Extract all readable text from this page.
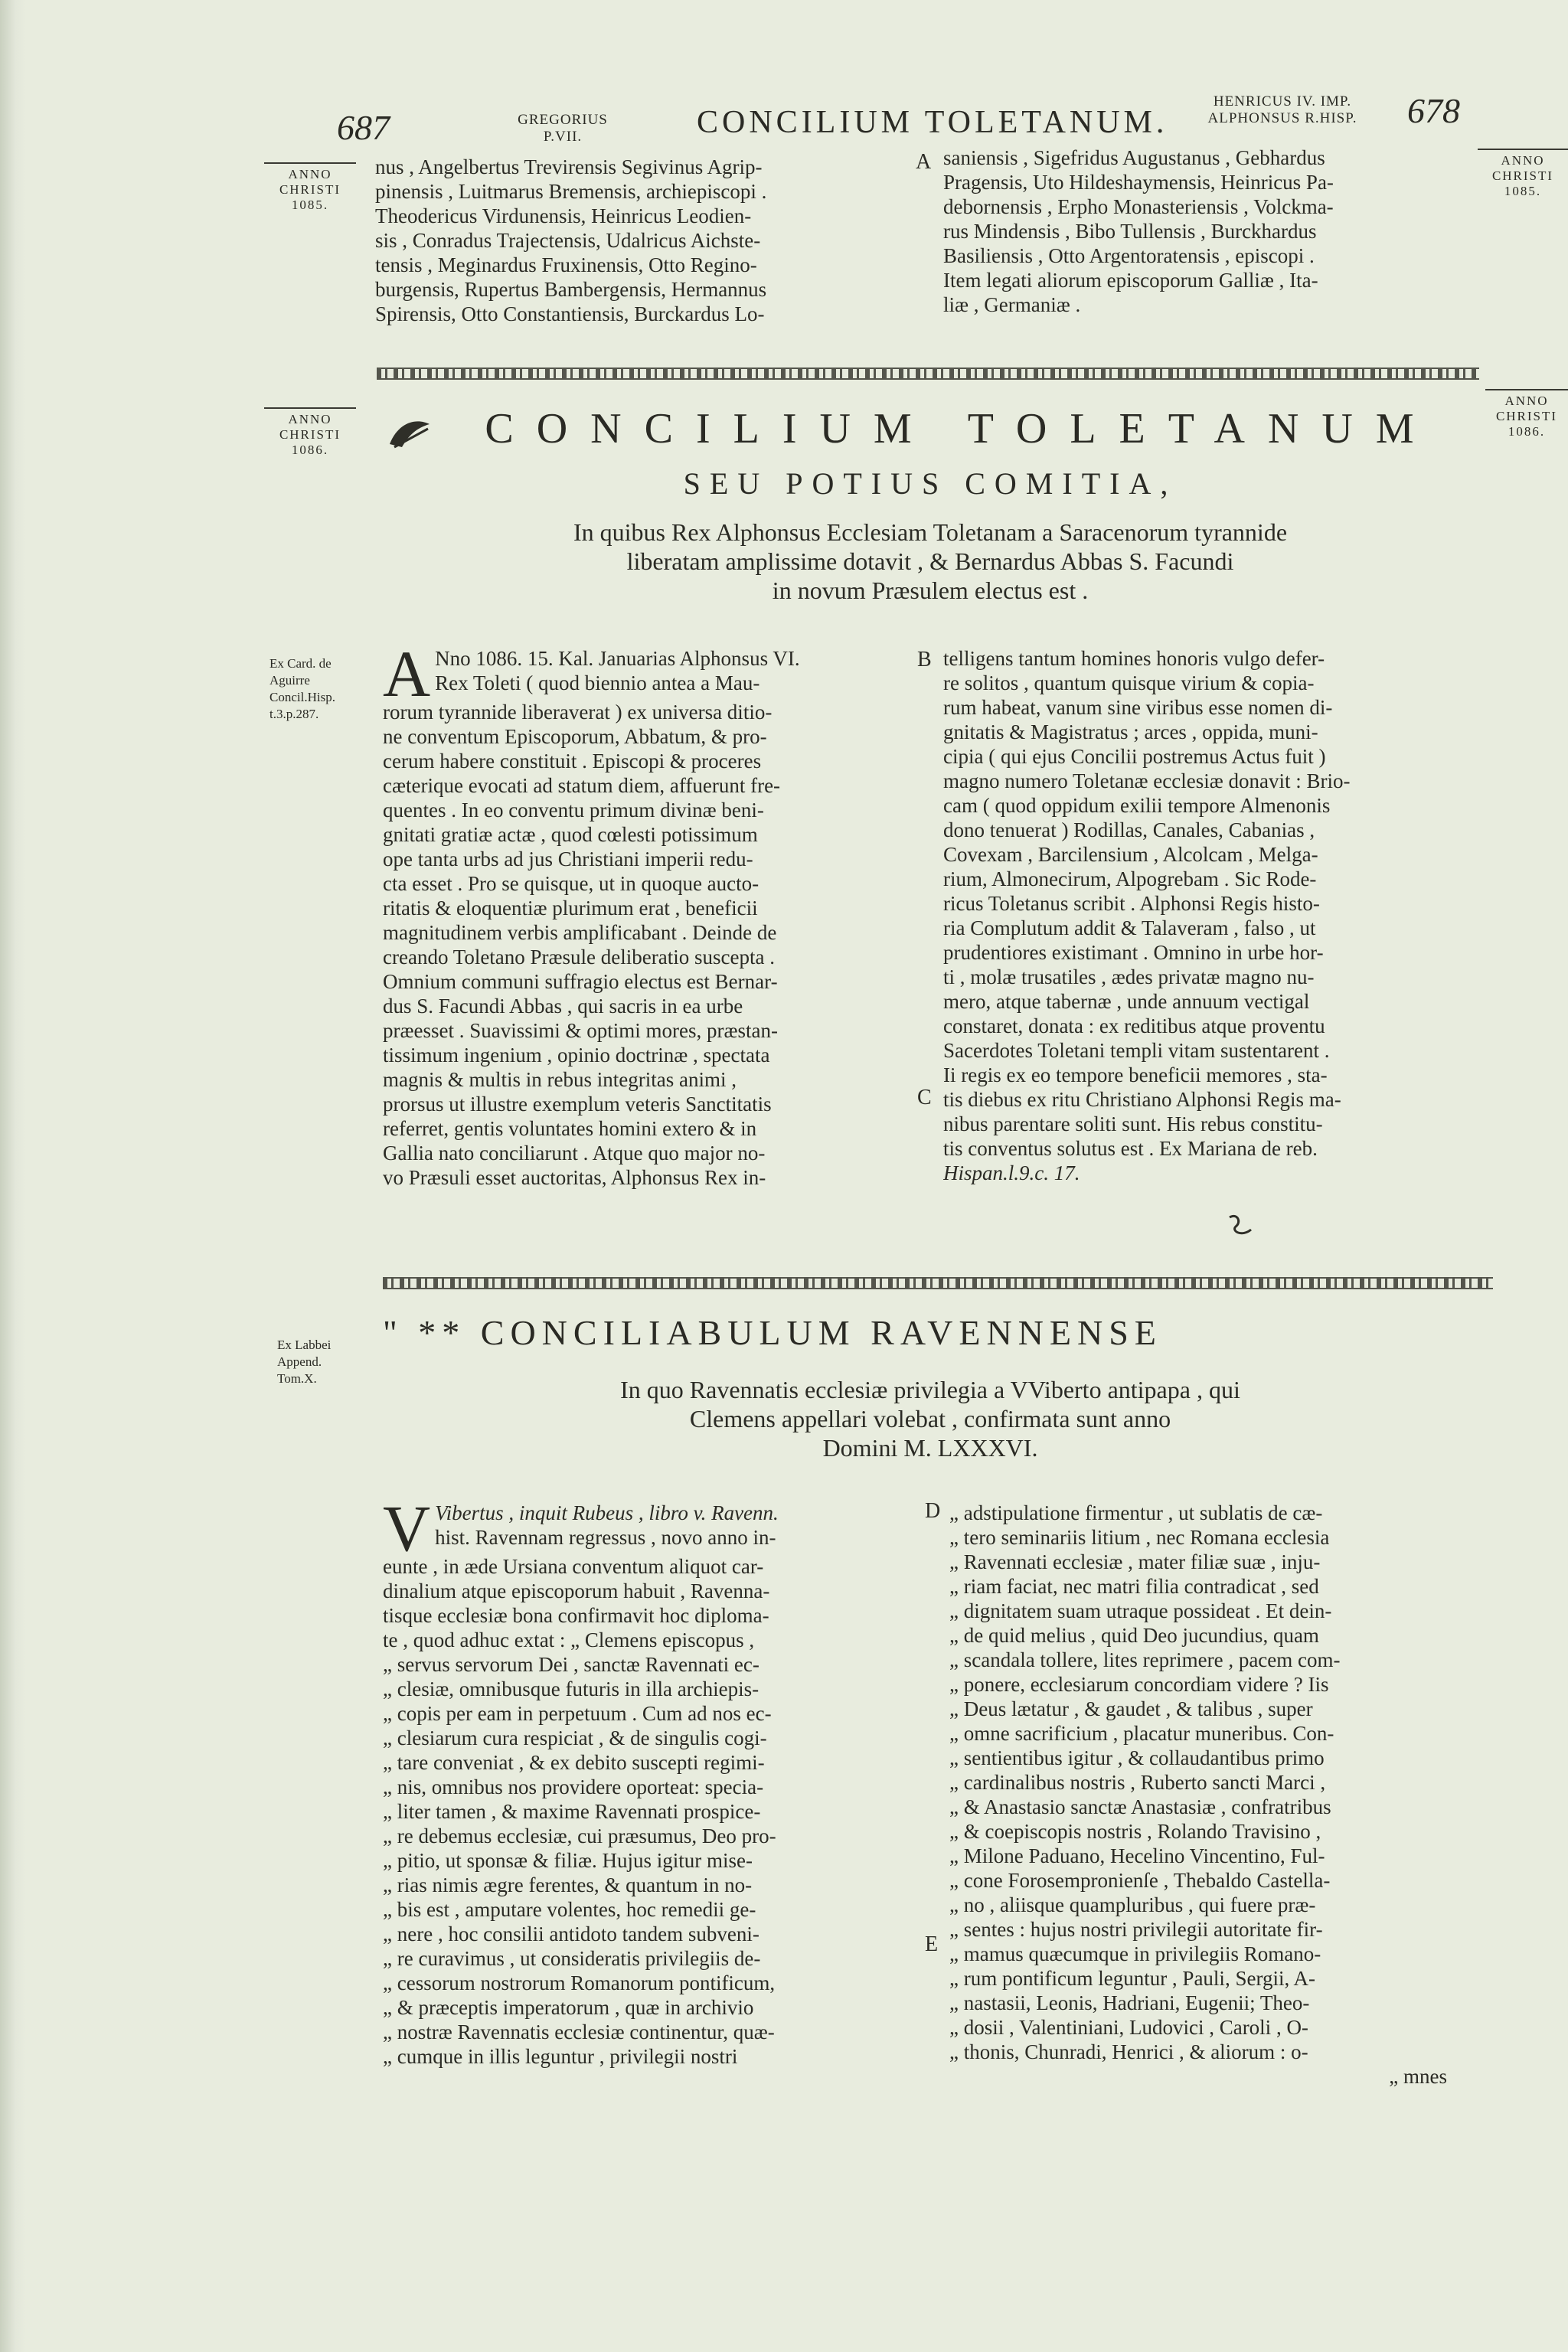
687	GREGORIUS
P.VII.	CONCILIUM TOLETANUM.
HENRICUS IV. IMP.
ALPHONSUS R.HISP.	678
ANNO
CHRISTI
1085.
ANNO
CHRISTI
1085.
ANNO
CHRISTI
1086.
ANNO
CHRISTI
1086.
Ex Card. de
Aguirre
Concil.Hisp.
t.3.p.287.
Ex Labbei
Append.
Tom.X.
nus , Angelbertus Trevirensis Segivinus Agrip-
pinensis , Luitmarus Bremensis, archiepiscopi .
Theodericus Virdunensis, Heinricus Leodien-
sis , Conradus Trajectensis, Udalricus Aichste-
tensis , Meginardus Fruxinensis, Otto Regino-
burgensis, Rupertus Bambergensis, Hermannus
Spirensis, Otto Constantiensis, Burckardus Lo-
A saniensis , Sigefridus Augustanus , Gebhardus
Pragensis, Uto Hildeshaymensis, Heinricus Pa-
debornensis , Erpho Monasteriensis , Volckma-
rus Mindensis , Bibo Tullensis , Burckhardus
Basiliensis , Otto Argentoratensis , episcopi .
Item legati aliorum episcoporum Galliæ , Ita-
liæ , Germaniæ .
CONCILIUM TOLETANUM
SEU POTIUS COMITIA,
In quibus Rex Alphonsus Ecclesiam Toletanam a Saracenorum tyrannide
liberatam amplissime dotavit , & Bernardus Abbas S. Facundi
in novum Præsulem electus est .
A Nno 1086. 15. Kal. Januarias Alphonsus VI.
Rex Toleti ( quod biennio antea a Mau-
rorum tyrannide liberaverat ) ex universa ditio-
ne conventum Episcoporum, Abbatum, & pro-
cerum habere constituit . Episcopi & proceres
cæterique evocati ad statum diem, affuerunt fre-
quentes . In eo conventu primum divinæ beni-
gnitati gratiæ actæ , quod cœlesti potissimum
ope tanta urbs ad jus Christiani imperii redu-
cta esset . Pro se quisque, ut in quoque aucto-
ritatis & eloquentiæ plurimum erat , beneficii
magnitudinem verbis amplificabant . Deinde de
creando Toletano Præsule deliberatio suscepta .
Omnium communi suffragio electus est Bernar-
dus S. Facundi Abbas , qui sacris in ea urbe
præesset . Suavissimi & optimi mores, præstan-
tissimum ingenium , opinio doctrinæ , spectata
magnis & multis in rebus integritas animi ,
prorsus ut illustre exemplum veteris Sanctitatis
referret, gentis voluntates homini extero & in
Gallia nato conciliarunt . Atque quo major no-
vo Præsuli esset auctoritas, Alphonsus Rex in-
B
C
telligens tantum homines honoris vulgo defer-
re solitos , quantum quisque virium & copia-
rum habeat, vanum sine viribus esse nomen di-
gnitatis & Magistratus ; arces , oppida, muni-
cipia ( qui ejus Concilii postremus Actus fuit )
magno numero Toletanæ ecclesiæ donavit : Brio-
cam ( quod oppidum exilii tempore Almenonis
dono tenuerat ) Rodillas, Canales, Cabanias ,
Covexam , Barcilensium , Alcolcam , Melga-
rium, Almonecirum, Alpogrebam . Sic Rode-
ricus Toletanus scribit . Alphonsi Regis histo-
ria Complutum addit & Talaveram , falso , ut
prudentiores existimant . Omnino in urbe hor-
ti , molæ trusatiles , ædes privatæ magno nu-
mero, atque tabernæ , unde annuum vectigal
constaret, donata : ex reditibus atque proventu
Sacerdotes Toletani templi vitam sustentarent .
Ii regis ex eo tempore beneficii memores , sta-
tis diebus ex ritu Christiano Alphonsi Regis ma-
nibus parentare soliti sunt. His rebus constitu-
tis conventus solutus est . Ex Mariana de reb.
Hispan.l.9.c. 17.
" ** CONCILIABULUM RAVENNENSE
In quo Ravennatis ecclesiæ privilegia a VViberto antipapa , qui
Clemens appellari volebat , confirmata sunt anno
Domini M. LXXXVI.
V Vibertus , inquit Rubeus , libro v. Ravenn.
hist. Ravennam regressus , novo anno in-
eunte , in æde Ursiana conventum aliquot car-
dinalium atque episcoporum habuit , Ravenna-
tisque ecclesiæ bona confirmavit hoc diploma-
te , quod adhuc extat : „ Clemens episcopus ,
„ servus servorum Dei , sanctæ Ravennati ec-
„ clesiæ, omnibusque futuris in illa archiepis-
„ copis per eam in perpetuum . Cum ad nos ec-
„ clesiarum cura respiciat , & de singulis cogi-
„ tare conveniat , & ex debito suscepti regimi-
„ nis, omnibus nos providere oporteat: specia-
„ liter tamen , & maxime Ravennati prospice-
„ re debemus ecclesiæ, cui præsumus, Deo pro-
„ pitio, ut sponsæ & filiæ. Hujus igitur mise-
„ rias nimis ægre ferentes, & quantum in no-
„ bis est , amputare volentes, hoc remedii ge-
„ nere , hoc consilii antidoto tandem subveni-
„ re curavimus , ut consideratis privilegiis de-
„ cessorum nostrorum Romanorum pontificum,
„ & præceptis imperatorum , quæ in archivio
„ nostræ Ravennatis ecclesiæ continentur, quæ-
„ cumque in illis leguntur , privilegii nostri
D
E
„ adstipulatione firmentur , ut sublatis de cæ-
„ tero seminariis litium , nec Romana ecclesia
„ Ravennati ecclesiæ , mater filiæ suæ , inju-
„ riam faciat, nec matri filia contradicat , sed
„ dignitatem suam utraque possideat . Et dein-
„ de quid melius , quid Deo jucundius, quam
„ scandala tollere, lites reprimere , pacem com-
„ ponere, ecclesiarum concordiam videre ? Iis
„ Deus lætatur , & gaudet , & talibus , super
„ omne sacrificium , placatur muneribus. Con-
„ sentientibus igitur , & collaudantibus primo
„ cardinalibus nostris , Ruberto sancti Marci ,
„ & Anastasio sanctæ Anastasiæ , confratribus
„ & coepiscopis nostris , Rolando Travisino ,
„ Milone Paduano, Hecelino Vincentino, Ful-
„ cone Forosempronienſe , Thebaldo Castella-
„ no , aliisque quampluribus , qui fuere præ-
„ sentes : hujus nostri privilegii autoritate fir-
„ mamus quæcumque in privilegiis Romano-
„ rum pontificum leguntur , Pauli, Sergii, A-
„ nastasii, Leonis, Hadriani, Eugenii; Theo-
„ dosii , Valentiniani, Ludovici , Caroli , O-
„ thonis, Chunradi, Henrici , & aliorum : o-
„ mnes
